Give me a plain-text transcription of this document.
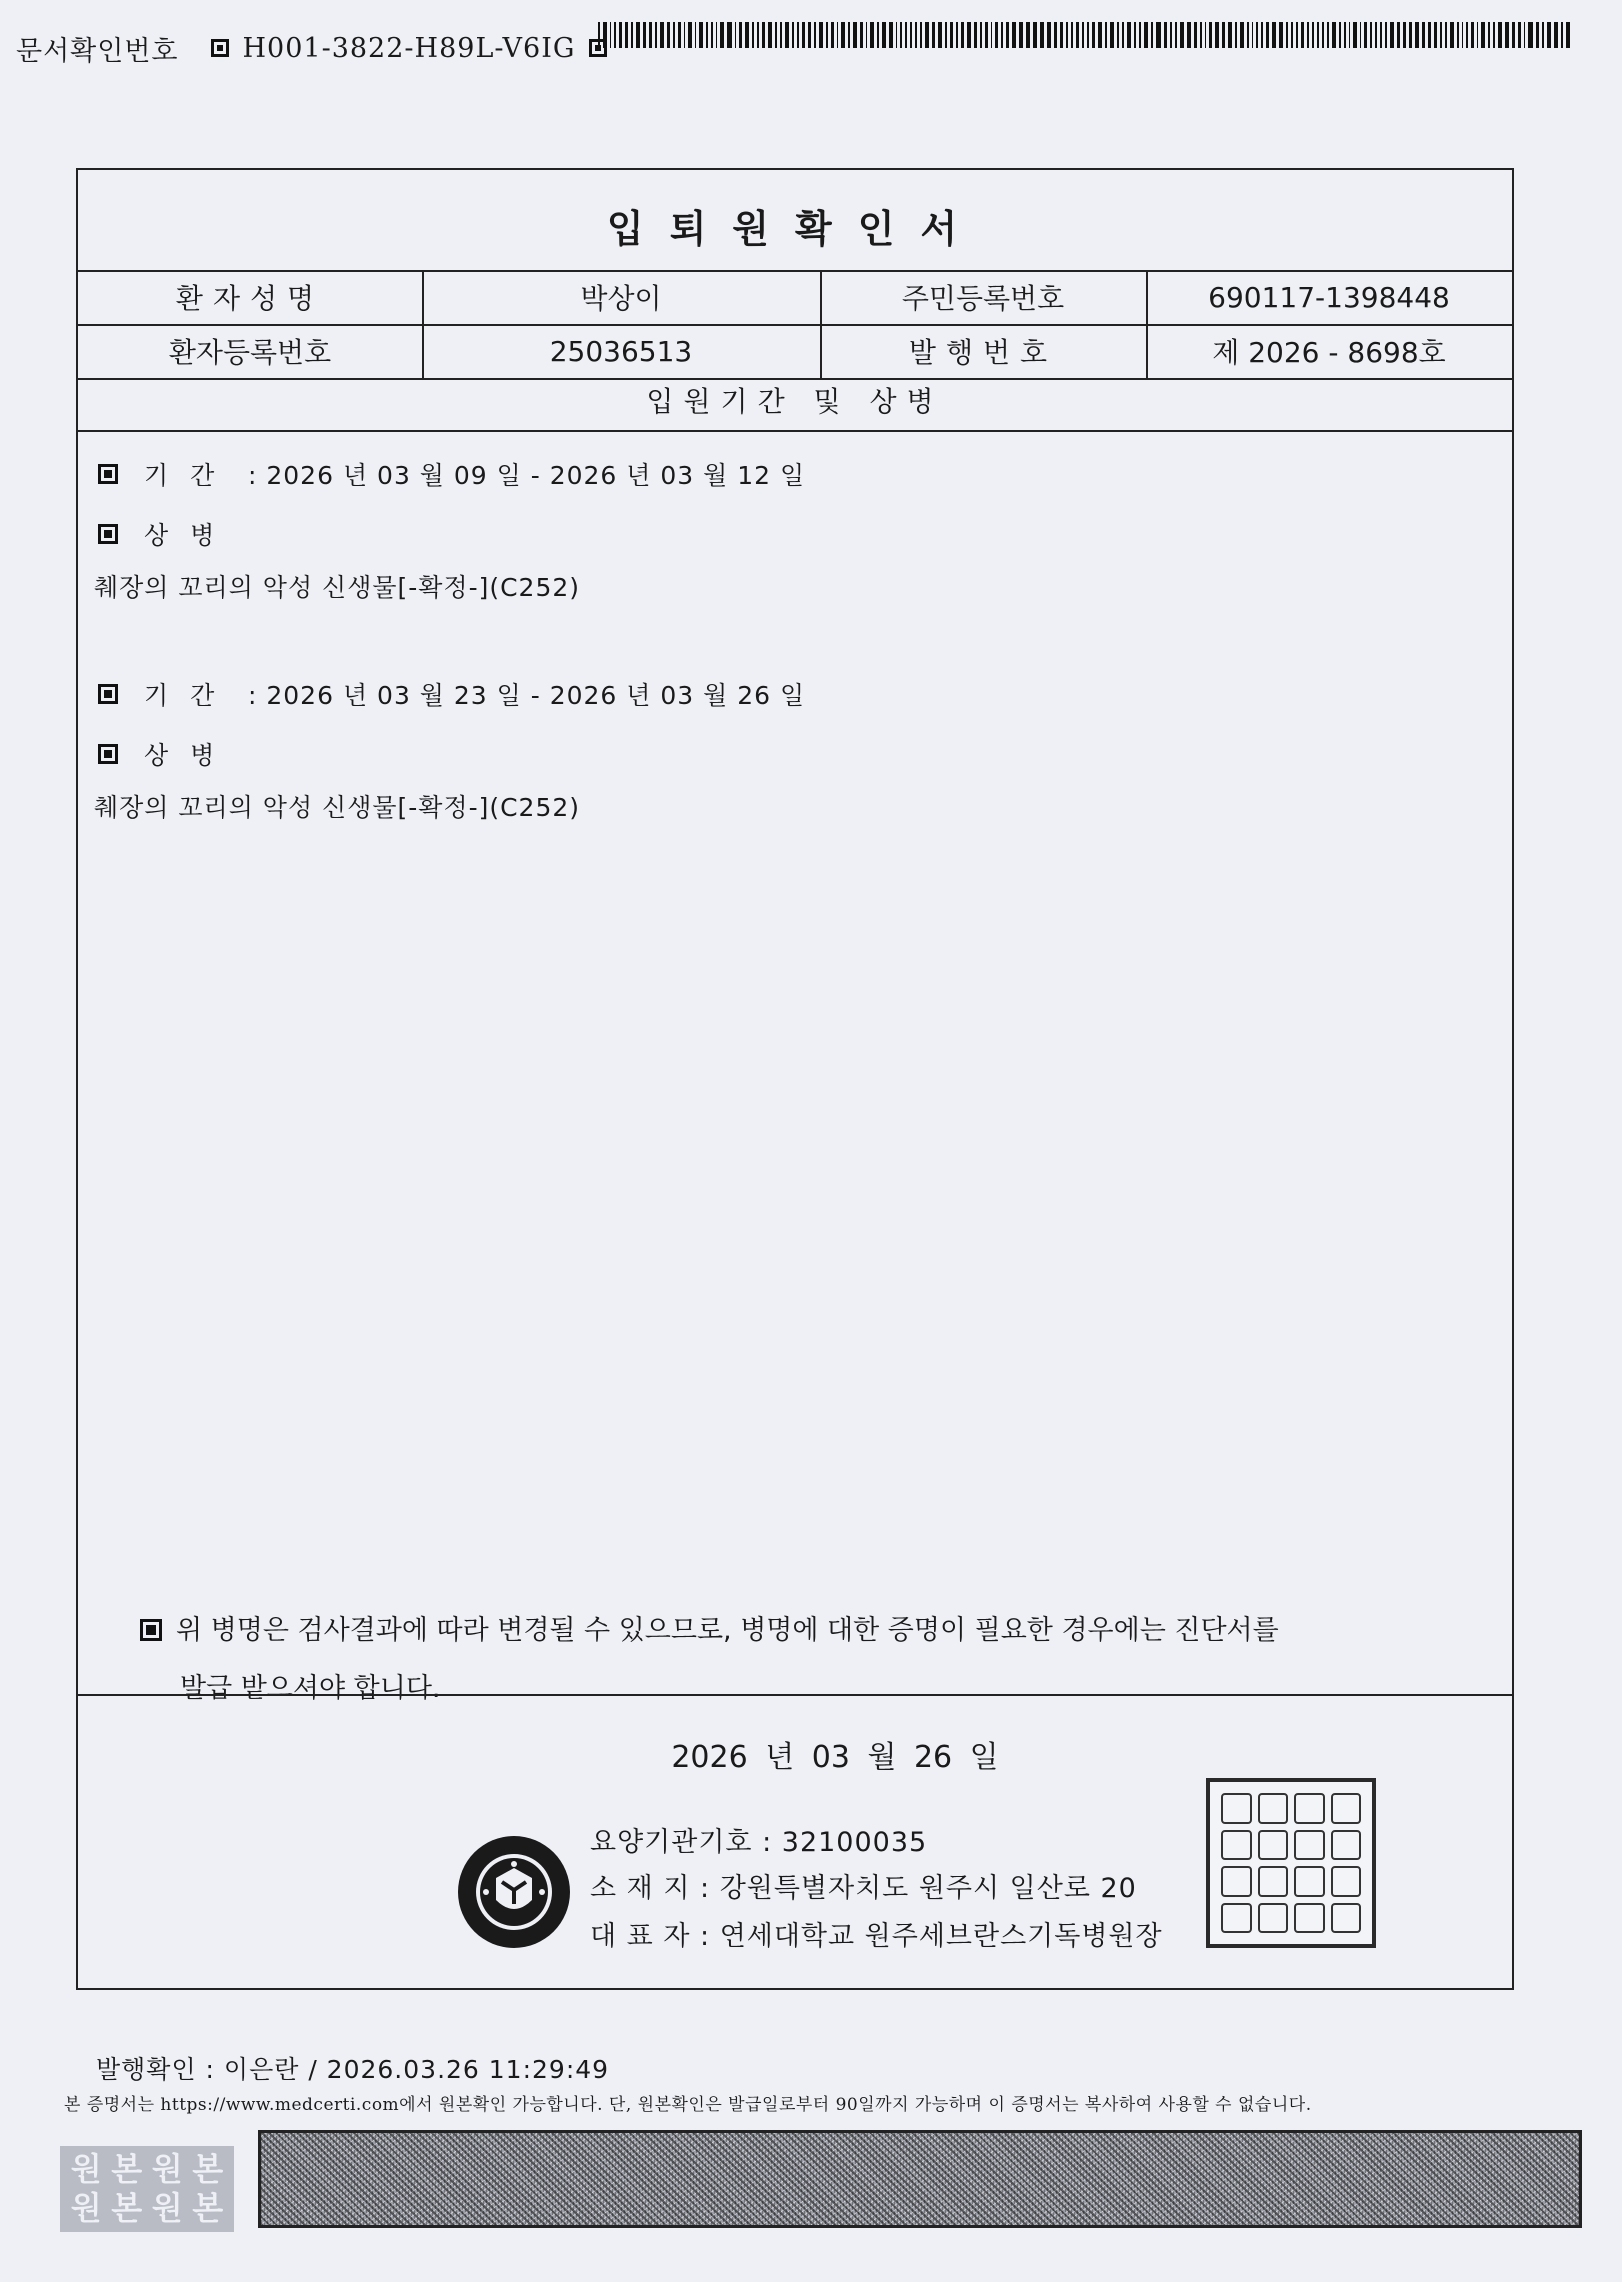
문서확인번호 H001-3822-H89L-V6IG
입퇴원확인서
환자성명	박상이	주민등록번호	690117-1398448
환자등록번호	25036513	발행번호	제 2026 - 8698호
입원기간 및 상병
기간 : 2026 년 03 월 09 일 - 2026 년 03 월 12 일
상병
췌장의 꼬리의 악성 신생물[-확정-](C252)
기간 : 2026 년 03 월 23 일 - 2026 년 03 월 26 일
상병
췌장의 꼬리의 악성 신생물[-확정-](C252)
위 병명은 검사결과에 따라 변경될 수 있으므로, 병명에 대한 증명이 필요한 경우에는 진단서를
발급 받으셔야 합니다.
2026 년 03 월 26 일
요양기관기호 : 32100035
소 재 지 : 강원특별자치도 원주시 일산로 20
대 표 자 : 연세대학교 원주세브란스기독병원장
발행확인 : 이은란 / 2026.03.26 11:29:49
본 증명서는 https://www.medcerti.com에서 원본확인 가능합니다. 단, 원본확인은 발급일로부터 90일까지 가능하며 이 증명서는 복사하여 사용할 수 없습니다.
원 본 원 본
원 본 원 본
